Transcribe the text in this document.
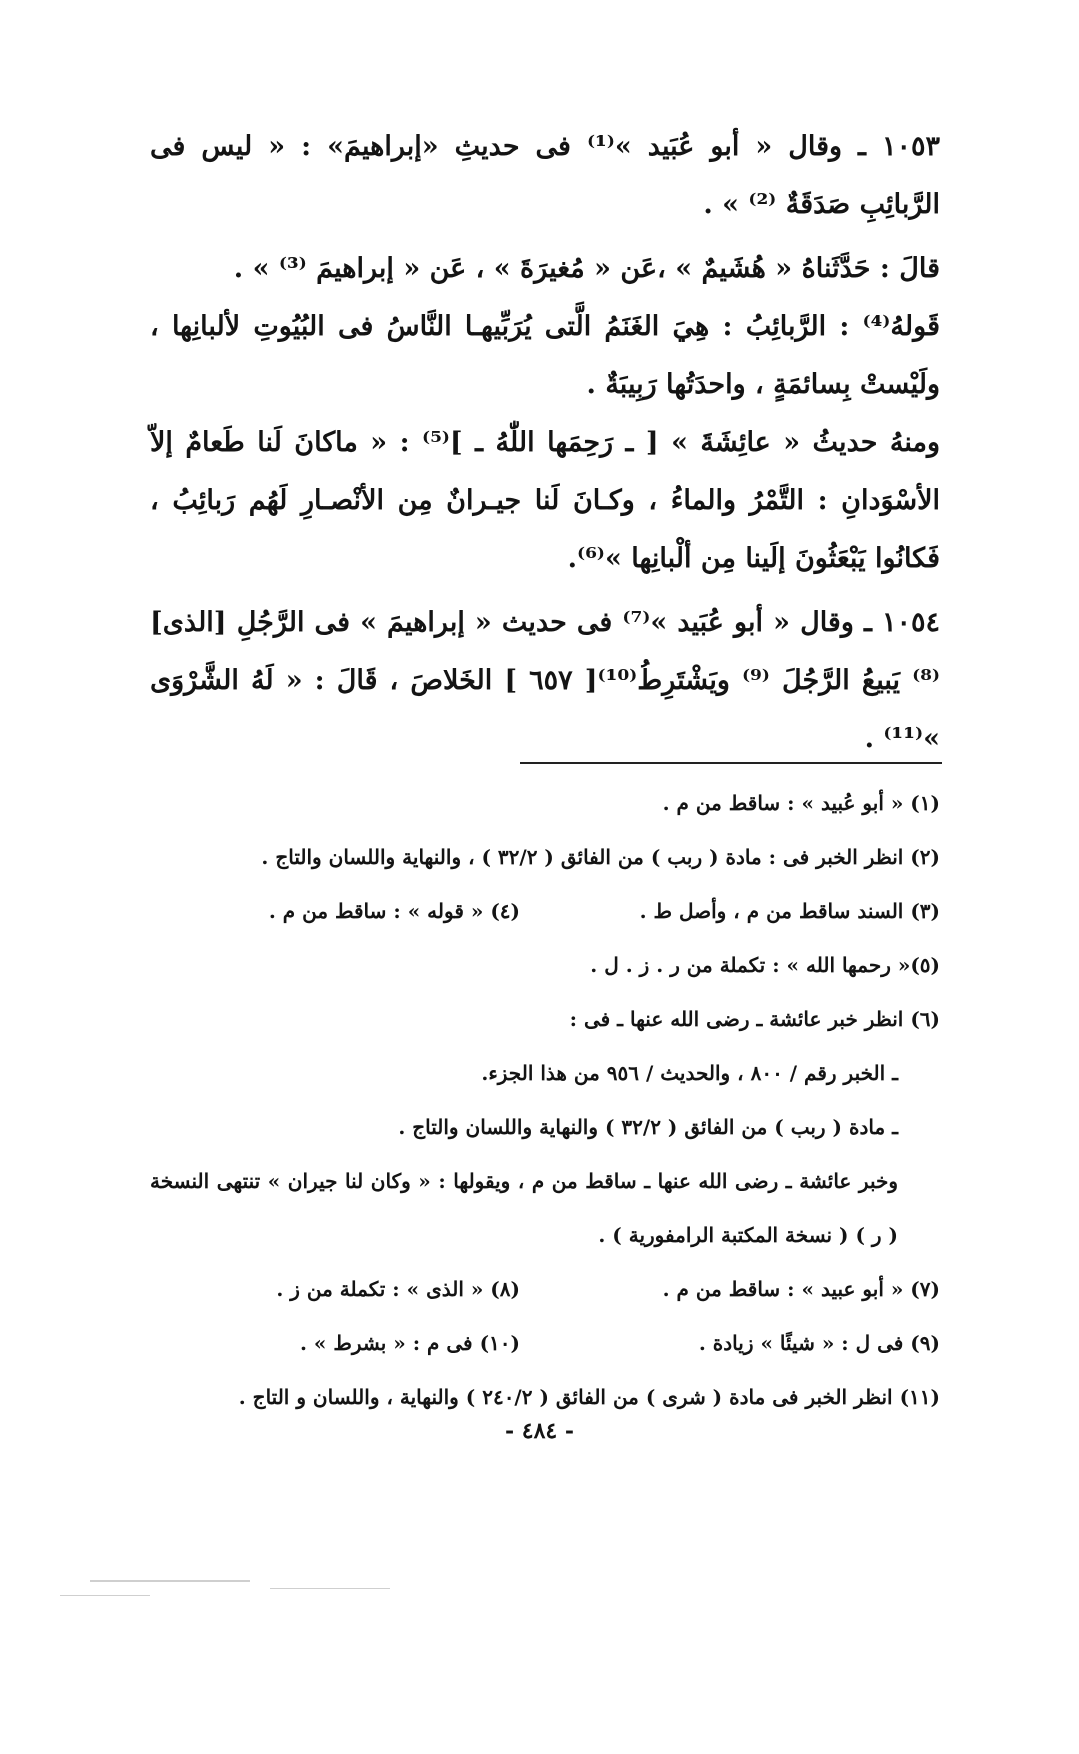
١٠٥٣ ـ وقال « أبو عُبَيد »⁽¹⁾ فى حديثِ «إبراهيمَ» : « ليس فى الرَّبائِبِ صَدَقَةٌ ⁽²⁾ » .

قالَ : حَدَّثَناهُ « هُشَيمٌ » ،عَن « مُغيرَةَ » ، عَن « إبراهيمَ ⁽³⁾ » .

قَولهُ⁽⁴⁾ : الرَّبائِبُ : هِيَ الغَنَمُ الَّتى يُرَبِّيهـا النَّاسُ فى البُيُوتِ لألبانِها ، ولَيْستْ بِسائمَةٍ ، واحدَتُها رَبِيبَةٌ .

ومنهُ حديثُ « عائِشَةَ » [ ـ رَحِمَها اللّٰهُ ـ ]⁽⁵⁾ : « ماكانَ لَنا طَعامٌ إلاّ الأسْوَدانِ : التَّمْرُ والماءُ ، وكـانَ لَنا جيـرانٌ مِن الأنْصـارِ لَهُم رَبائِبُ ، فَكانُوا يَبْعَثُونَ إلَينا مِن ألْبانِها »⁽⁶⁾.

١٠٥٤ ـ وقال « أبو عُبَيد »⁽⁷⁾ فى حديث « إبراهيمَ » فى الرَّجُلِ [الذى]⁽⁸⁾ يَبيعُ الرَّجُلَ ⁽⁹⁾ ويَشْتَرِطُ⁽¹⁰⁾[ ٦٥٧ ] الخَلاصَ ، قَالَ : « لَهُ الشَّرْوَى »⁽¹¹⁾ .

(١) « أبو عُبيد » : ساقط من م .
(٢) انظر الخبر فى : مادة ( ربب ) من الفائق ( ٣٢/٢ ) ، والنهاية واللسان والتاج .
(٣) السند ساقط من م ، وأصل ط .(٤) « قوله » : ساقط من م .
(٥)« رحمها الله » : تكملة من ر . ز . ل .
(٦) انظر خبر عائشة ـ رضى الله عنها ـ فى :
ـ الخبر رقم / ٨٠٠ ، والحديث / ٩٥٦ من هذا الجزء.
ـ مادة ( ربب ) من الفائق ( ٣٢/٢ ) والنهاية واللسان والتاج .
وخبر عائشة ـ رضى الله عنها ـ ساقط من م ، ويقولها : « وكان لنا جيران » تنتهى النسخة ( ر ) ( نسخة المكتبة الرامفورية ) .
(٧) « أبو عبيد » : ساقط من م .(٨) « الذى » : تكملة من ز .
(٩) فى ل : « شيئًا » زيادة .(١٠) فى م : « بشرط » .
(١١) انظر الخبر فى مادة ( شرى ) من الفائق ( ٢٤٠/٢ ) والنهاية ، واللسان و التاج .
- ٤٨٤ -
